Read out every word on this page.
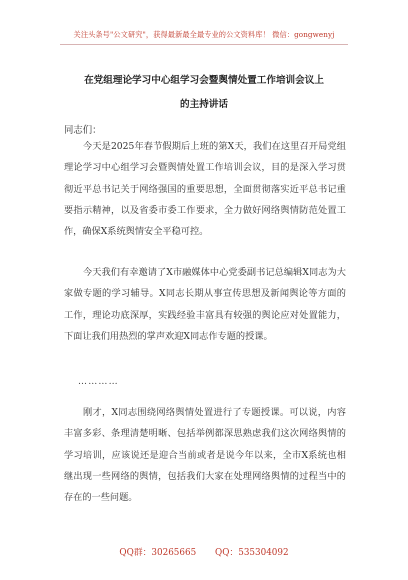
关注头条号"公文研究"，获得最新最全最专业的公文资料库！ 微信：gongwenyj
在党组理论学习中心组学习会暨舆情处置工作培训会议上
的主持讲话
同志们：

今天是2025年春节假期后上班的第X天，我们在这里召开局党组理论学习中心组学习会暨舆情处置工作培训会议，目的是深入学习贯彻近平总书记关于网络强国的重要思想，全面贯彻落实近平总书记重要指示精神，以及省委市委工作要求，全力做好网络舆情防范处置工作，确保X系统舆情安全平稳可控。

今天我们有幸邀请了X市融媒体中心党委副书记总编辑X同志为大家做专题的学习辅导。X同志长期从事宣传思想及新闻舆论等方面的工作，理论功底深厚，实践经验丰富具有较强的舆论应对处置能力，下面让我们用热烈的掌声欢迎X同志作专题的授课。

…………

刚才，X同志围绕网络舆情处置进行了专题授课。可以说，内容丰富多彩、条理清楚明晰、包括举例都深思熟虑我们这次网络舆情的学习培训，应该说还是迎合当前或者是说今年以来，全市X系统也相继出现一些网络的舆情，包括我们大家在处理网络舆情的过程当中的存在的一些问题。

QQ群：30265665 QQ：535304092
